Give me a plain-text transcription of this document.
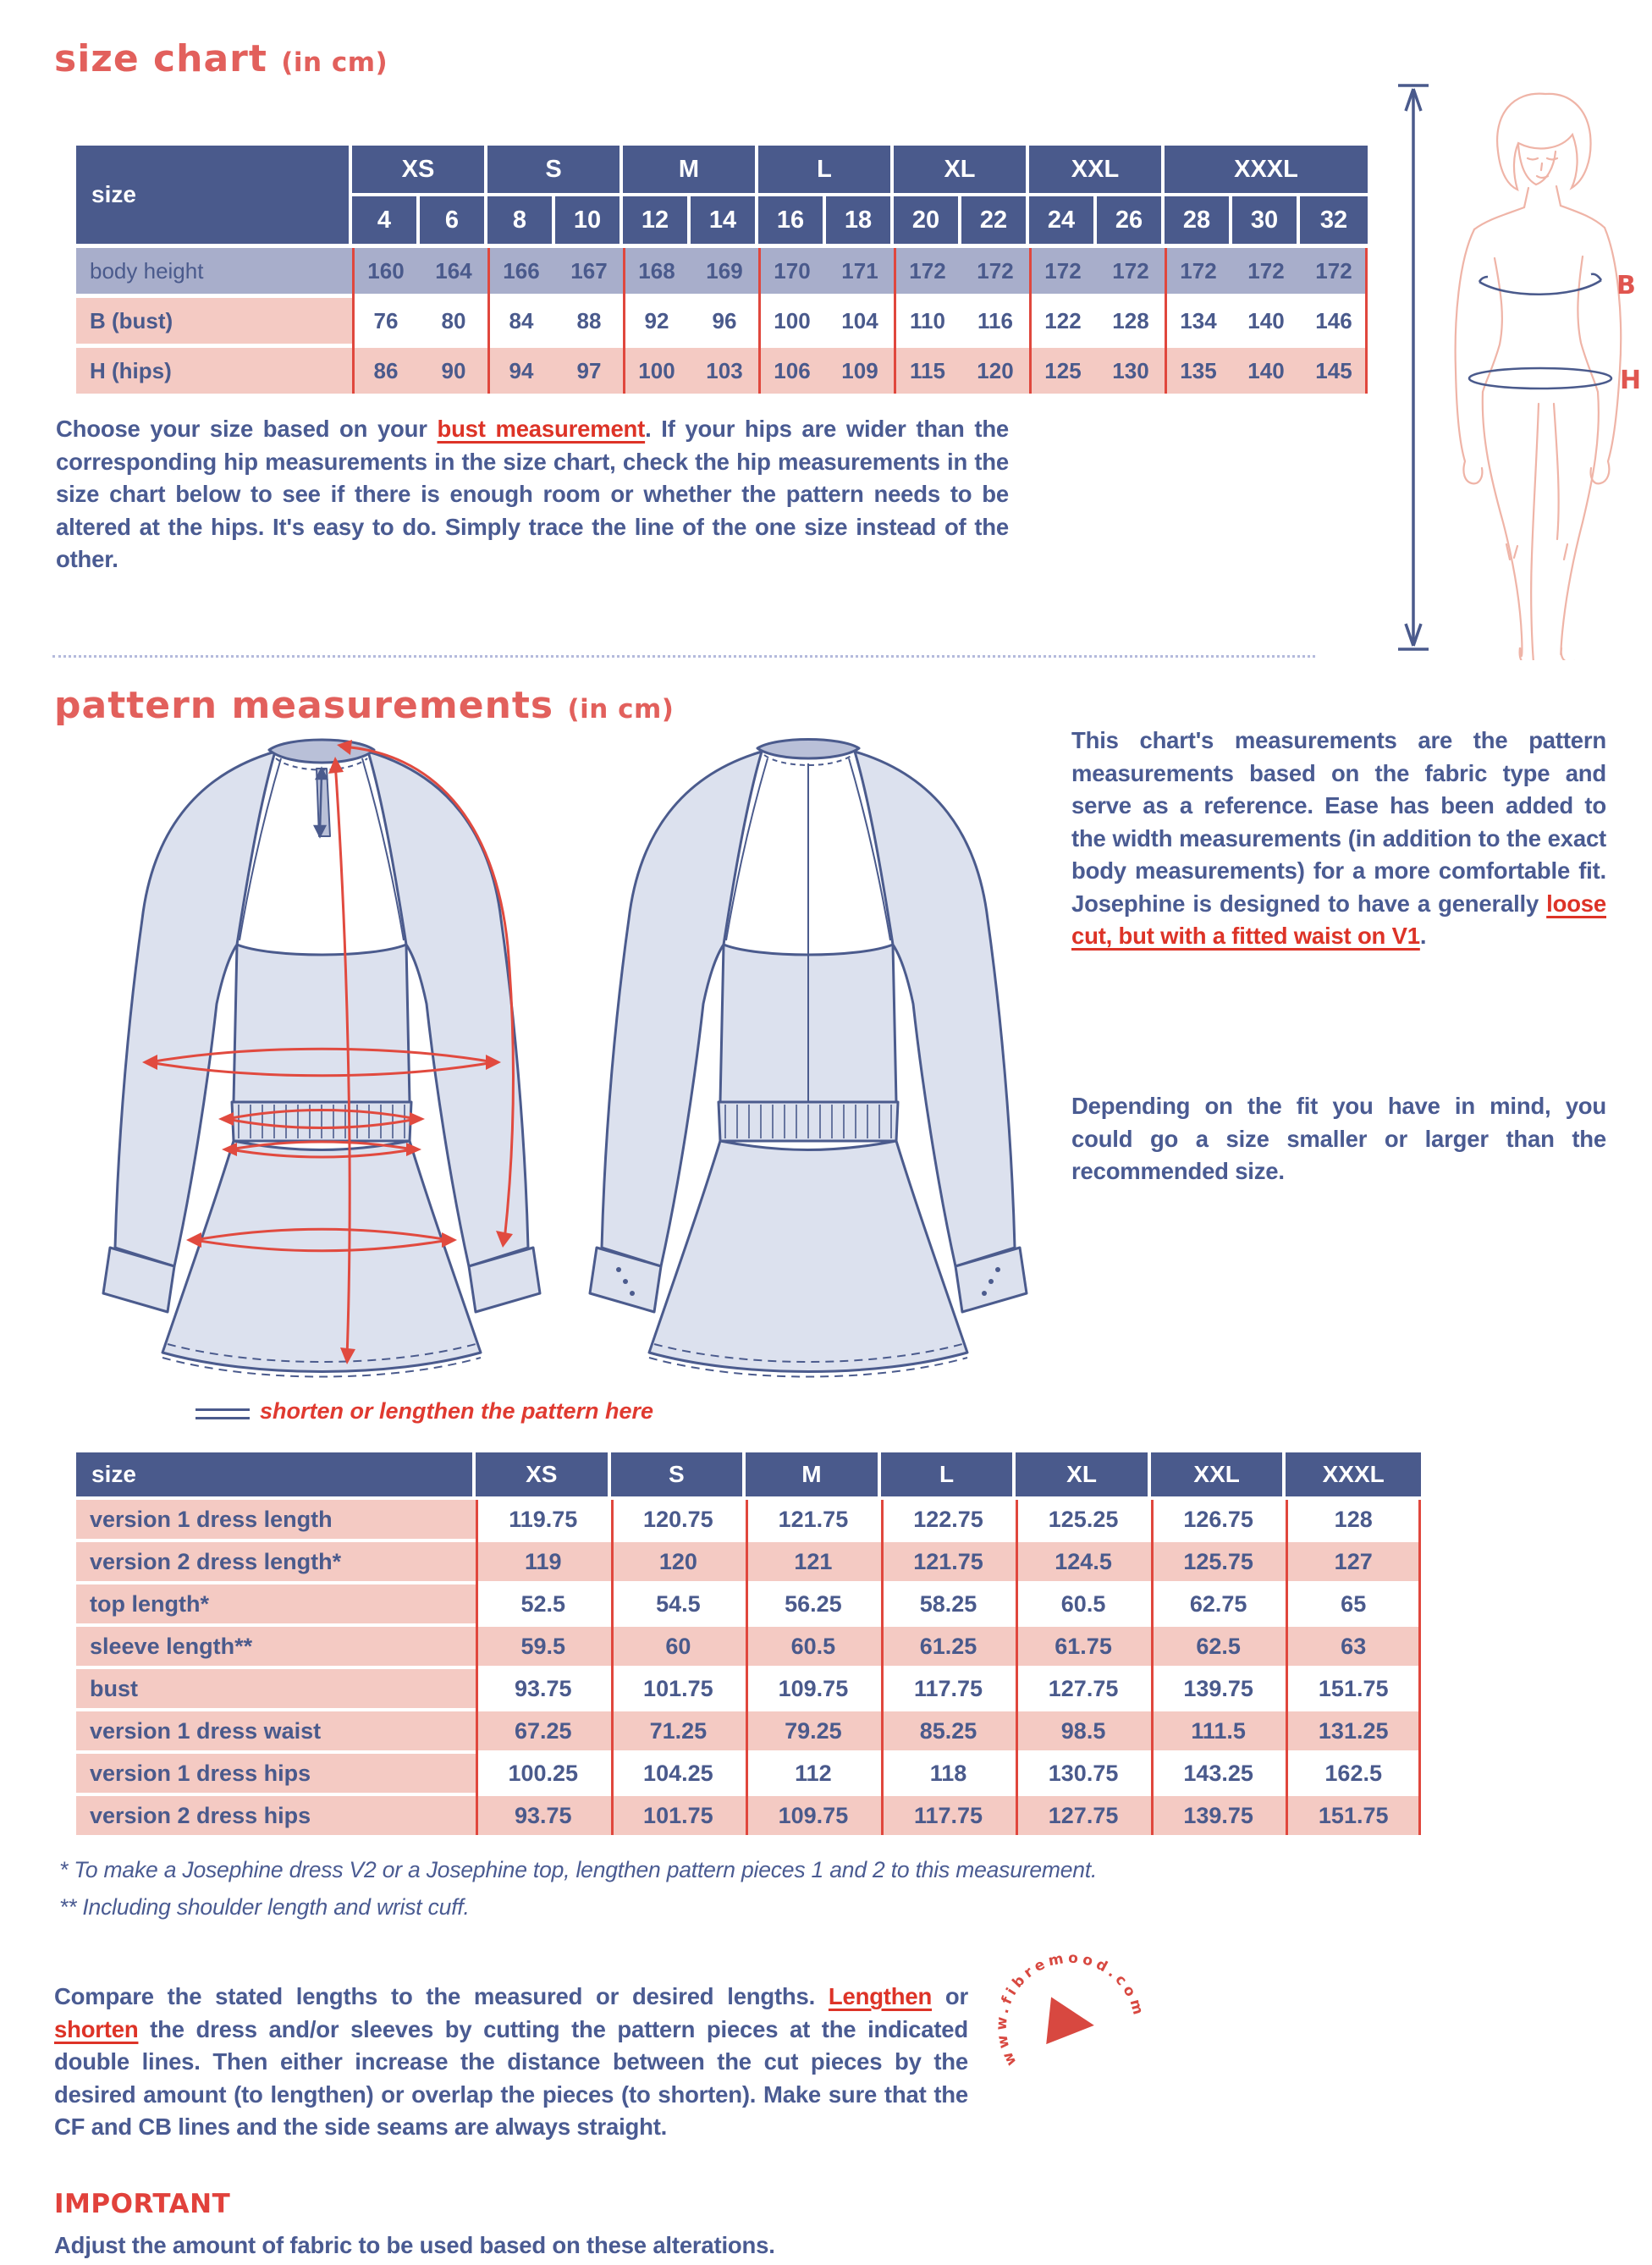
size chart (in cm)
size
XS	S	M	L	XL	XXL	XXXL
4	6	8	10	12	14	16	18	20	22	24	26	28	30	32
body height	160	164	166	167	168	169	170	171	172	172	172	172	172	172	172
B (bust)	76	80	84	88	92	96	100	104	110	116	122	128	134	140	146
H (hips)	86	90	94	97	100	103	106	109	115	120	125	130	135	140	145

Choose your size based on your bust measurement. If your hips are wider than the corresponding hip measurements in the size chart, check the hip measurements in the size chart below to see if there is enough room or whether the pattern needs to be altered at the hips. It's easy to do. Simply trace the line of the one size instead of the other.

B
H
pattern measurements (in cm)
shorten or lengthen the pattern here

This chart's measurements are the pattern measurements based on the fabric type and serve as a reference. Ease has been added to the width measurements (in addition to the exact body measurements) for a more comfortable fit. Josephine is designed to have a generally loose cut, but with a fitted waist on V1.

Depending on the fit you have in mind, you could go a size smaller or larger than the recommended size.

size	XS	S	M	L	XL	XXL	XXXL
version 1 dress length	119.75	120.75	121.75	122.75	125.25	126.75	128
version 2 dress length*	119	120	121	121.75	124.5	125.75	127
top length*	52.5	54.5	56.25	58.25	60.5	62.75	65
sleeve length**	59.5	60	60.5	61.25	61.75	62.5	63
bust	93.75	101.75	109.75	117.75	127.75	139.75	151.75
version 1 dress waist	67.25	71.25	79.25	85.25	98.5	111.5	131.25
version 1 dress hips	100.25	104.25	112	118	130.75	143.25	162.5
version 2 dress hips	93.75	101.75	109.75	117.75	127.75	139.75	151.75
* To make a Josephine dress V2 or a Josephine top, lengthen pattern pieces 1 and 2 to this measurement.
** Including shoulder length and wrist cuff.

Compare the stated lengths to the measured or desired lengths. Lengthen or shorten the dress and/or sleeves by cutting the pattern pieces at the indicated double lines. Then either increase the distance between the cut pieces by the desired amount (to lengthen) or overlap the pieces (to shorten). Make sure that the CF and CB lines and the side seams are always straight.

www.fibremood.com
IMPORTANT
Adjust the amount of fabric to be used based on these alterations.
